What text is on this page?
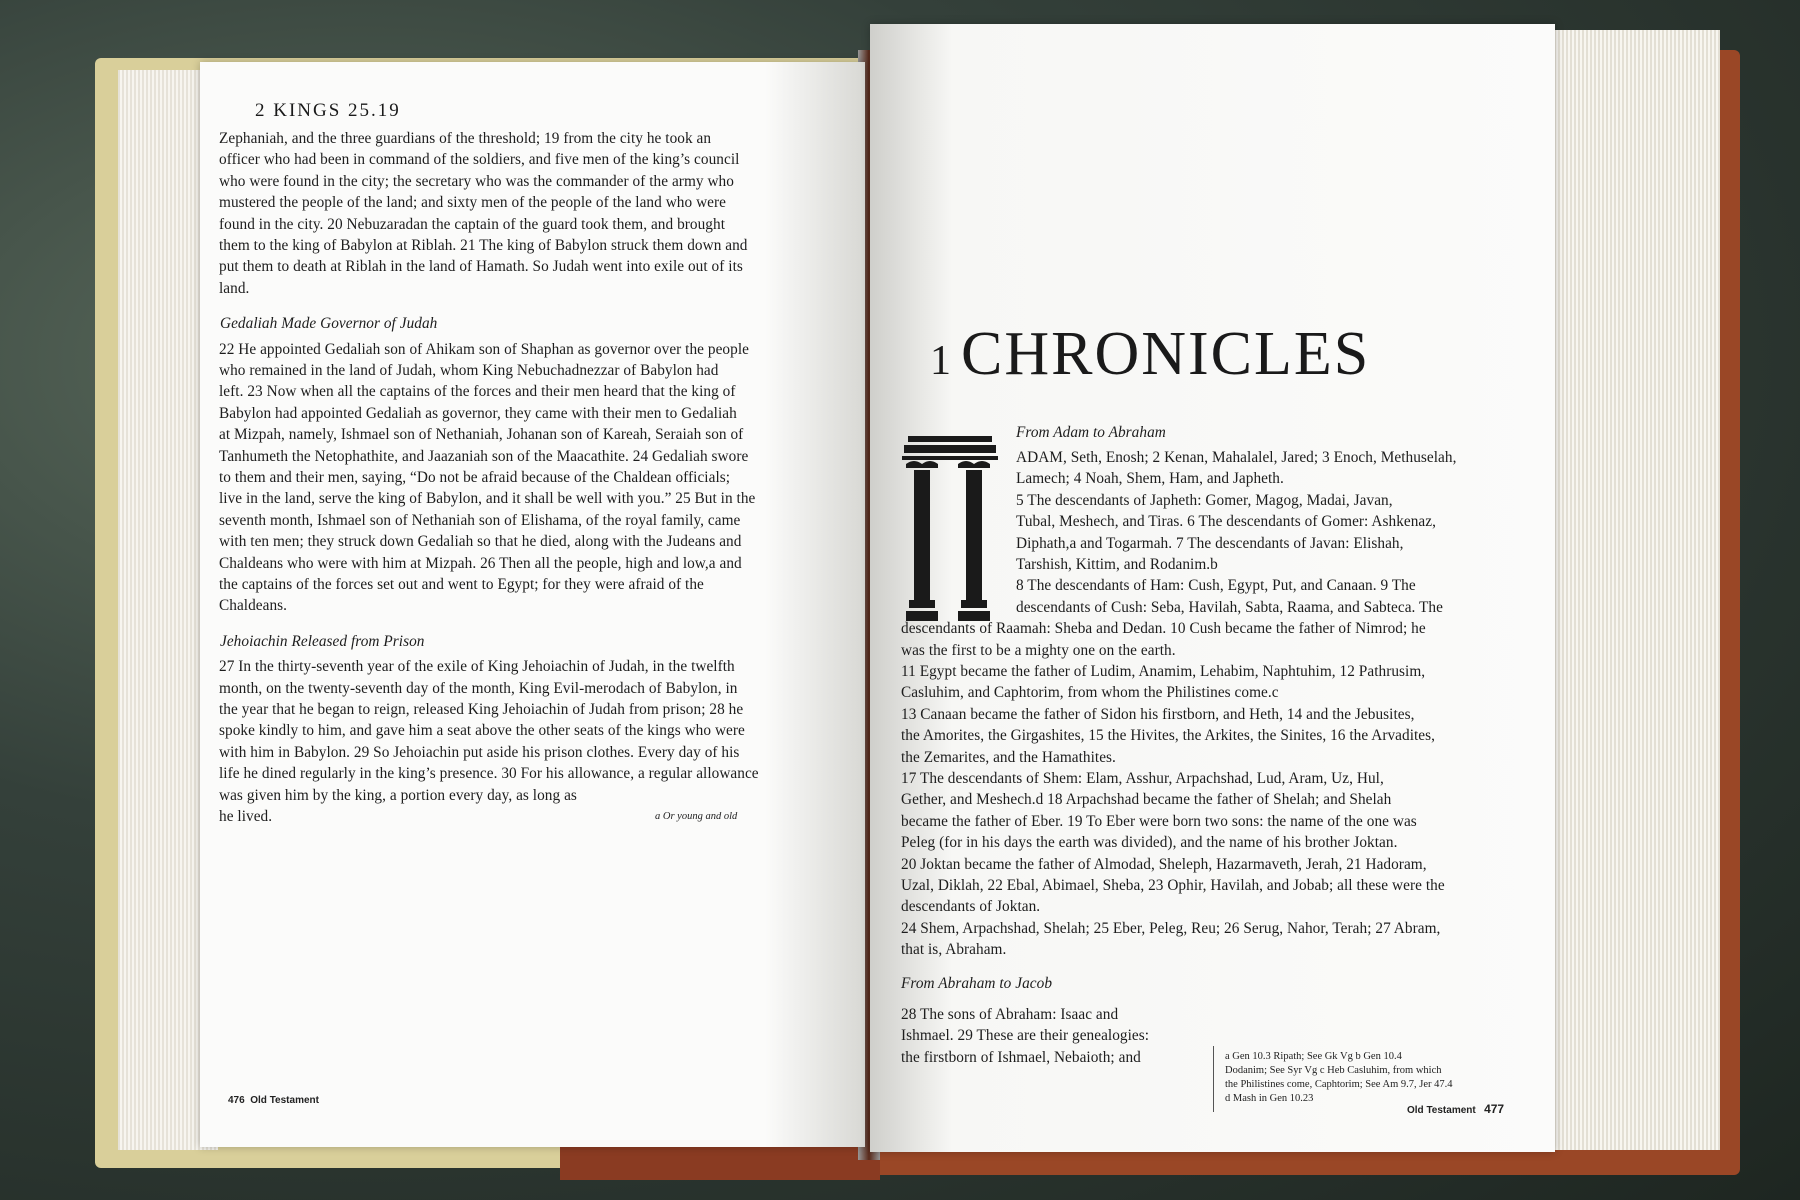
2 KINGS 25.19
Zephaniah, and the three guardians of the threshold; 19 from the city he took an
officer who had been in command of the soldiers, and five men of the king’s council
who were found in the city; the secretary who was the commander of the army who
mustered the people of the land; and sixty men of the people of the land who were
found in the city. 20 Nebuzaradan the captain of the guard took them, and brought
them to the king of Babylon at Riblah. 21 The king of Babylon struck them down and
put them to death at Riblah in the land of Hamath. So Judah went into exile out of its
land.
Gedaliah Made Governor of Judah
22 He appointed Gedaliah son of Ahikam son of Shaphan as governor over the people
who remained in the land of Judah, whom King Nebuchadnezzar of Babylon had
left. 23 Now when all the captains of the forces and their men heard that the king of
Babylon had appointed Gedaliah as governor, they came with their men to Gedaliah
at Mizpah, namely, Ishmael son of Nethaniah, Johanan son of Kareah, Seraiah son of
Tanhumeth the Netophathite, and Jaazaniah son of the Maacathite. 24 Gedaliah swore
to them and their men, saying, “Do not be afraid because of the Chaldean officials;
live in the land, serve the king of Babylon, and it shall be well with you.” 25 But in the
seventh month, Ishmael son of Nethaniah son of Elishama, of the royal family, came
with ten men; they struck down Gedaliah so that he died, along with the Judeans and
Chaldeans who were with him at Mizpah. 26 Then all the people, high and low,a and
the captains of the forces set out and went to Egypt; for they were afraid of the
Chaldeans.
Jehoiachin Released from Prison
27 In the thirty-seventh year of the exile of King Jehoiachin of Judah, in the twelfth
month, on the twenty-seventh day of the month, King Evil-merodach of Babylon, in
the year that he began to reign, released King Jehoiachin of Judah from prison; 28 he
spoke kindly to him, and gave him a seat above the other seats of the kings who were
with him in Babylon. 29 So Jehoiachin put aside his prison clothes. Every day of his
life he dined regularly in the king’s presence. 30 For his allowance, a regular allowance
was given him by the king, a portion every day, as long as
he lived.	a Or young and old
476 Old Testament
1 CHRONICLES
From Adam to Abraham
ADAM, Seth, Enosh; 2 Kenan, Mahalalel, Jared; 3 Enoch, Methuselah,
Lamech; 4 Noah, Shem, Ham, and Japheth.
5 The descendants of Japheth: Gomer, Magog, Madai, Javan,
Tubal, Meshech, and Tiras. 6 The descendants of Gomer: Ashkenaz,
Diphath,a and Togarmah. 7 The descendants of Javan: Elishah,
Tarshish, Kittim, and Rodanim.b
8 The descendants of Ham: Cush, Egypt, Put, and Canaan. 9 The
descendants of Cush: Seba, Havilah, Sabta, Raama, and Sabteca. The
descendants of Raamah: Sheba and Dedan. 10 Cush became the father of Nimrod; he
was the first to be a mighty one on the earth.
11 Egypt became the father of Ludim, Anamim, Lehabim, Naphtuhim, 12 Pathrusim,
Casluhim, and Caphtorim, from whom the Philistines come.c
13 Canaan became the father of Sidon his firstborn, and Heth, 14 and the Jebusites,
the Amorites, the Girgashites, 15 the Hivites, the Arkites, the Sinites, 16 the Arvadites,
the Zemarites, and the Hamathites.
17 The descendants of Shem: Elam, Asshur, Arpachshad, Lud, Aram, Uz, Hul,
Gether, and Meshech.d 18 Arpachshad became the father of Shelah; and Shelah
became the father of Eber. 19 To Eber were born two sons: the name of the one was
Peleg (for in his days the earth was divided), and the name of his brother Joktan.
20 Joktan became the father of Almodad, Sheleph, Hazarmaveth, Jerah, 21 Hadoram,
Uzal, Diklah, 22 Ebal, Abimael, Sheba, 23 Ophir, Havilah, and Jobab; all these were the
descendants of Joktan.
24 Shem, Arpachshad, Shelah; 25 Eber, Peleg, Reu; 26 Serug, Nahor, Terah; 27 Abram,
that is, Abraham.
From Abraham to Jacob
28 The sons of Abraham: Isaac and
Ishmael. 29 These are their genealogies:
the firstborn of Ishmael, Nebaioth; and	a Gen 10.3 Ripath; See Gk Vg b Gen 10.4
Dodanim; See Syr Vg c Heb Casluhim, from which
the Philistines come, Caphtorim; See Am 9.7, Jer 47.4
d Mash in Gen 10.23
Old Testament 477
